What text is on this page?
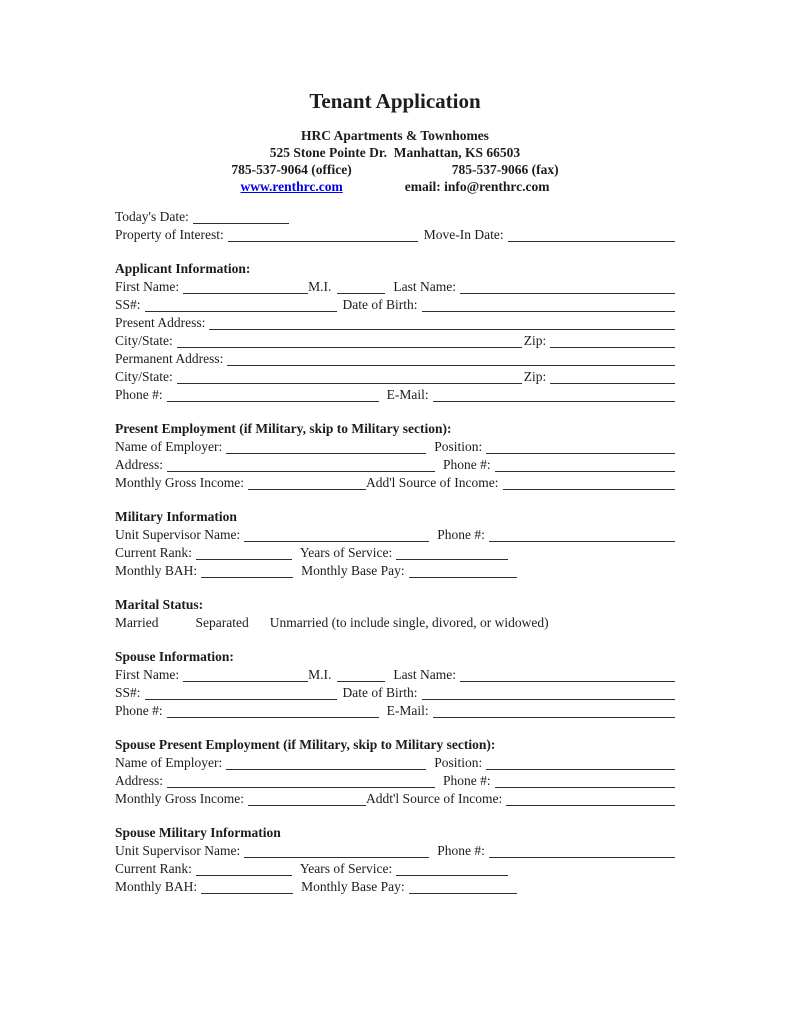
Tenant Application
HRC Apartments & Townhomes
525 Stone Pointe Dr.  Manhattan, KS 66503
785-537-9064 (office)	785-537-9066 (fax)
www.renthrc.com	email: info@renthrc.com
Today's Date:
Property of Interest:	Move-In Date:
Applicant Information:
First Name:	M.I.	Last Name:
SS#:	Date of Birth:
Present Address:
City/State:	Zip:
Permanent Address:
City/State:	Zip:
Phone #:	E-Mail:
Present Employment (if Military, skip to Military section):
Name of Employer:	Position:
Address:	Phone #:
Monthly Gross Income:	Add'l Source of Income:
Military Information
Unit Supervisor Name:	Phone #:
Current Rank:	Years of Service:
Monthly BAH:	Monthly Base Pay:
Marital Status:
Married	Separated Unmarried (to include single, divored, or widowed)
Spouse Information:
First Name:	M.I.	Last Name:
SS#:	Date of Birth:
Phone #:	E-Mail:
Spouse Present Employment (if Military, skip to Military section):
Name of Employer:	Position:
Address:	Phone #:
Monthly Gross Income:	Addt'l Source of Income:
Spouse Military Information
Unit Supervisor Name:	Phone #:
Current Rank:	Years of Service:
Monthly BAH:	Monthly Base Pay:
